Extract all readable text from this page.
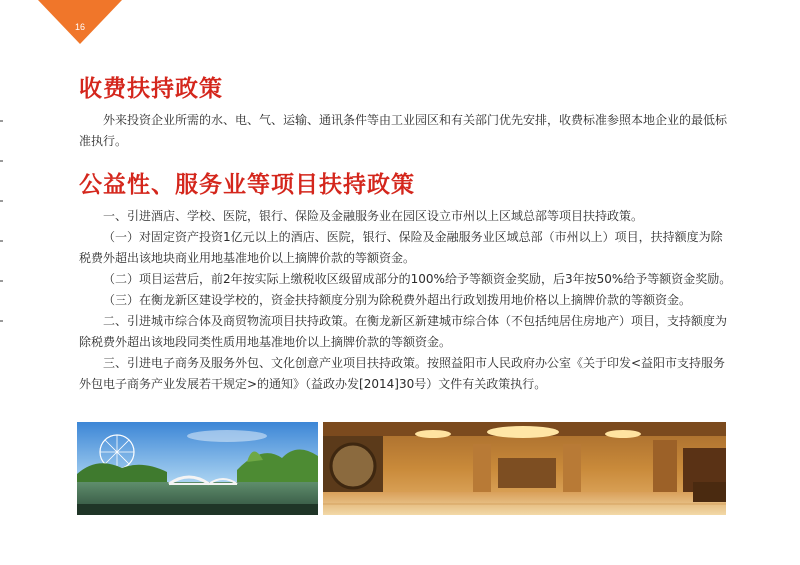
16
收费扶持政策

外来投资企业所需的水、电、气、运输、通讯条件等由工业园区和有关部门优先安排，收费标准参照本地企业的最低标准执行。

公益性、服务业等项目扶持政策

一、引进酒店、学校、医院，银行、保险及金融服务业在园区设立市州以上区域总部等项目扶持政策。

（一）对固定资产投资1亿元以上的酒店、医院，银行、保险及金融服务业区域总部（市州以上）项目，扶持额度为除税费外超出该地块商业用地基准地价以上摘牌价款的等额资金。

（二）项目运营后，前2年按实际上缴税收区级留成部分的100%给予等额资金奖励，后3年按50%给予等额资金奖励。

（三）在衡龙新区建设学校的，资金扶持额度分别为除税费外超出行政划拨用地价格以上摘牌价款的等额资金。

二、引进城市综合体及商贸物流项目扶持政策。在衡龙新区新建城市综合体（不包括纯居住房地产）项目，支持额度为除税费外超出该地段同类性质用地基准地价以上摘牌价款的等额资金。

三、引进电子商务及服务外包、文化创意产业项目扶持政策。按照益阳市人民政府办公室《关于印发<益阳市支持服务外包电子商务产业发展若干规定>的通知》（益政办发[2014]30号）文件有关政策执行。
